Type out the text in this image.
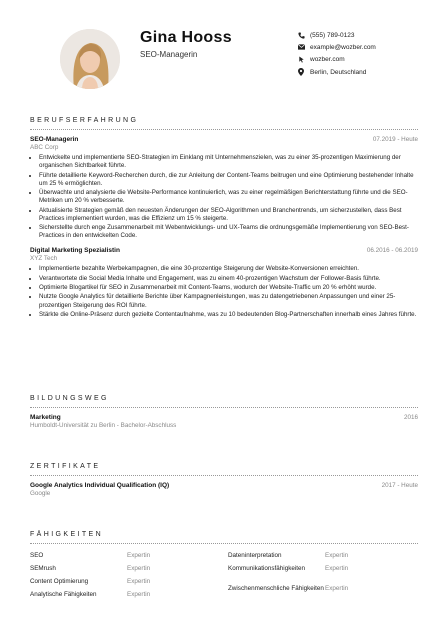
Gina Hooss
SEO-Managerin
(555) 789-0123
example@wozber.com
wozber.com
Berlin, Deutschland
BERUFSERFAHRUNG
SEO-Managerin	07.2019 - Heute
ABC Corp
• Entwickelte und implementierte SEO-Strategien im Einklang mit Unternehmenszielen, was zu einer 35-prozentigen Maximierung der organischen Sichtbarkeit führte.
• Führte detaillierte Keyword-Recherchen durch, die zur Anleitung der Content-Teams beitrugen und eine Optimierung bestehender Inhalte um 25 % ermöglichten.
• Überwachte und analysierte die Website-Performance kontinuierlich, was zu einer regelmäßigen Berichterstattung führte und die SEO-Metriken um 20 % verbesserte.
• Aktualisierte Strategien gemäß den neuesten Änderungen der SEO-Algorithmen und Branchentrends, um sicherzustellen, dass Best Practices implementiert wurden, was die Effizienz um 15 % steigerte.
• Sicherstellte durch enge Zusammenarbeit mit Webentwicklungs- und UX-Teams die ordnungsgemäße Implementierung von SEO-Best-Practices in den entwickelten Code.
Digital Marketing Spezialistin	06.2016 - 06.2019
XYZ Tech
• Implementierte bezahlte Werbekampagnen, die eine 30-prozentige Steigerung der Website-Konversionen erreichten.
• Verantwortete die Social Media Inhalte und Engagement, was zu einem 40-prozentigen Wachstum der Follower-Basis führte.
• Optimierte Blogartikel für SEO in Zusammenarbeit mit Content-Teams, wodurch der Website-Traffic um 20 % erhöht wurde.
• Nutzte Google Analytics für detaillierte Berichte über Kampagnenleistungen, was zu datengetriebenen Anpassungen und einer 25-prozentigen Steigerung des ROI führte.
• Stärkte die Online-Präsenz durch gezielte Contentaufnahme, was zu 10 bedeutenden Blog-Partnerschaften innerhalb eines Jahres führte.
BILDUNGSWEG
Marketing	2016
Humboldt-Universität zu Berlin - Bachelor-Abschluss
ZERTIFIKATE
Google Analytics Individual Qualification (IQ)	2017 - Heute
Google
FÄHIGKEITEN
SEO	Expertin	Dateninterpretation	Expertin
SEMrush	Expertin	Kommunikationsfähigkeiten	Expertin
Content Optimierung	Expertin
Zwischenmenschliche Fähigkeiten Expertin
Analytische Fähigkeiten	Expertin
